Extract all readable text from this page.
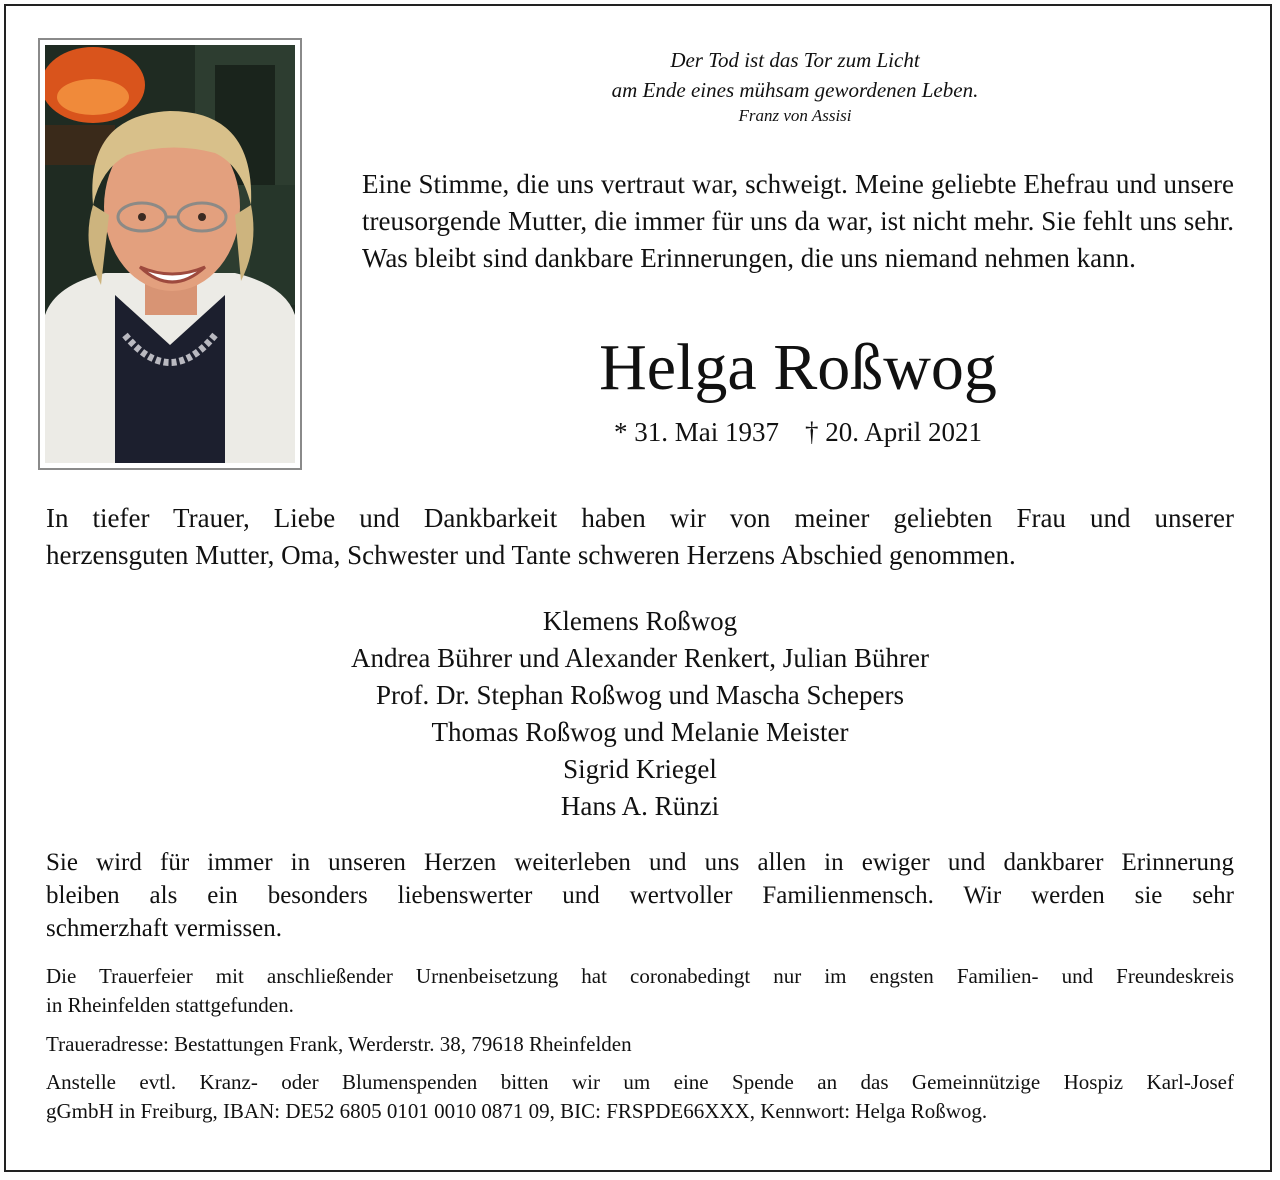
Der Tod ist das Tor zum Licht
am Ende eines mühsam gewordenen Leben.
Franz von Assisi

Eine Stimme, die uns vertraut war, schweigt. Meine geliebte Ehefrau und unsere treusorgende Mutter, die immer für uns da war, ist nicht mehr. Sie fehlt uns sehr. Was bleibt sind dankbare Erinnerungen, die uns niemand nehmen kann.

Helga Roßwog
* 31. Mai 1937 † 20. April 2021

In tiefer Trauer, Liebe und Dankbarkeit haben wir von meiner geliebten Frau und unserer
herzensguten Mutter, Oma, Schwester und Tante schweren Herzens Abschied genommen.

Klemens Roßwog
Andrea Bührer und Alexander Renkert, Julian Bührer
Prof. Dr. Stephan Roßwog und Mascha Schepers
Thomas Roßwog und Melanie Meister
Sigrid Kriegel
Hans A. Rünzi

Sie wird für immer in unseren Herzen weiterleben und uns allen in ewiger und dankbarer Erinnerung
bleiben als ein besonders liebenswerter und wertvoller Familienmensch. Wir werden sie sehr
schmerzhaft vermissen.

Die Trauerfeier mit anschließender Urnenbeisetzung hat coronabedingt nur im engsten Familien- und Freundeskreis
in Rheinfelden stattgefunden.

Traueradresse: Bestattungen Frank, Werderstr. 38, 79618 Rheinfelden

Anstelle evtl. Kranz- oder Blumenspenden bitten wir um eine Spende an das Gemeinnützige Hospiz Karl-Josef
gGmbH in Freiburg, IBAN: DE52 6805 0101 0010 0871 09, BIC: FRSPDE66XXX, Kennwort: Helga Roßwog.
